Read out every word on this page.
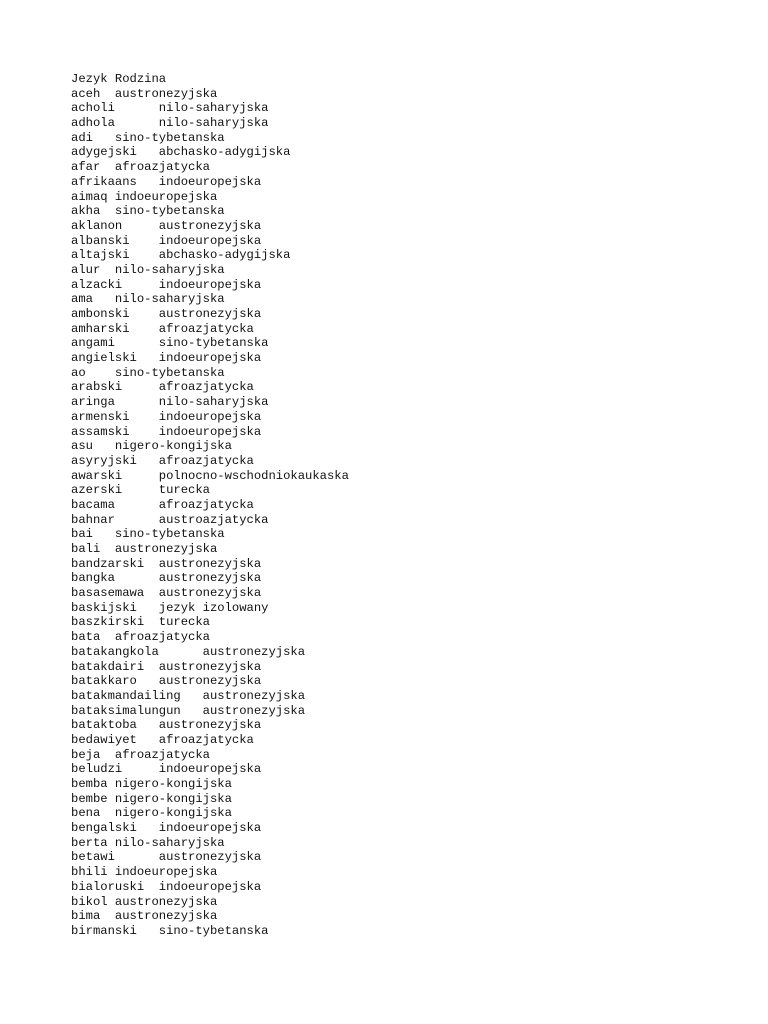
Jezyk Rodzina
aceh  austronezyjska
acholi      nilo-saharyjska
adhola      nilo-saharyjska
adi   sino-tybetanska
adygejski   abchasko-adygijska
afar  afroazjatycka
afrikaans   indoeuropejska
aimaq indoeuropejska
akha  sino-tybetanska
aklanon     austronezyjska
albanski    indoeuropejska
altajski    abchasko-adygijska
alur  nilo-saharyjska
alzacki     indoeuropejska
ama   nilo-saharyjska
ambonski    austronezyjska
amharski    afroazjatycka
angami      sino-tybetanska
angielski   indoeuropejska
ao    sino-tybetanska
arabski     afroazjatycka
aringa      nilo-saharyjska
armenski    indoeuropejska
assamski    indoeuropejska
asu   nigero-kongijska
asyryjski   afroazjatycka
awarski     polnocno-wschodniokaukaska
azerski     turecka
bacama      afroazjatycka
bahnar      austroazjatycka
bai   sino-tybetanska
bali  austronezyjska
bandzarski  austronezyjska
bangka      austronezyjska
basasemawa  austronezyjska
baskijski   jezyk izolowany
baszkirski  turecka
bata  afroazjatycka
batakangkola      austronezyjska
batakdairi  austronezyjska
batakkaro   austronezyjska
batakmandailing   austronezyjska
bataksimalungun   austronezyjska
bataktoba   austronezyjska
bedawiyet   afroazjatycka
beja  afroazjatycka
beludzi     indoeuropejska
bemba nigero-kongijska
bembe nigero-kongijska
bena  nigero-kongijska
bengalski   indoeuropejska
berta nilo-saharyjska
betawi      austronezyjska
bhili indoeuropejska
bialoruski  indoeuropejska
bikol austronezyjska
bima  austronezyjska
birmanski   sino-tybetanska
